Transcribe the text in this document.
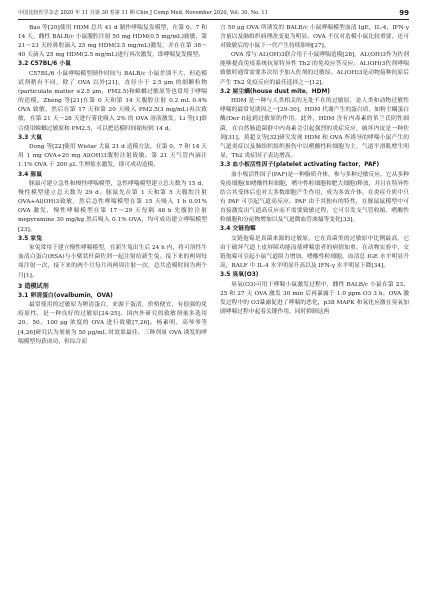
中国比较医学杂志 2020 年 11 月第 30 卷第 11 期 Chin J Comp Med, November 2020, Vol. 30, No. 11	99

Bao 等[20]使用 HDM 总共 41 d 制作哮喘复发模型，在第 0、7 和 14 天，雌性 BALB/c 小鼠腹腔注射 50 mg HDM(0.5 mg/mL)致敏，第 21～23 天经鼻腔滴入 25 mg HDM(2.5 mg/mL)激发，并在在第 38～40 天滴入 25 mg HDM(2.5 mg/mL)进行再次激发，即哮喘复发模型。

3.2 C57BL/6 小鼠

C57BL/6 小鼠哮喘模型制作时间与 BALB/c 小鼠差别不大，但造模试剂稍有不同，除了 OVA 以外[21]，直径小于 2.5 μm 的细颗粒物(particulate matter ≤2.5 μm，PM2.5)和蟑螂过敏原等也常用于哮喘的造模。Zheng 等[21]在第 0 天和第 14 天腹腔注射 0.2 mL 0.4% OVA 致敏，然后在第 17 天和第 20 天吸入 PM2.5(3 mg/mL)再次致敏，在第 21 天～28 天进行雾化吸入 2% 的 OVA 溶液激发。Li 等[1]联合使用蟑螂过敏原和 PM2.5，可以把造模时间缩短到 14 d。

3.3 大鼠

Dong 等[22]使用 Wistar 大鼠 21 d 造模方法，在第 0、7 和 14 天用 1 mg OVA+20 mg Al(OH)3腹腔注射致敏。第 21 天气管内滴注 1.1% OVA 于 200 μL 生理盐水激发，即可成功造模。

3.4 豚鼠

豚鼠可建立急性和慢性哮喘模型，急性哮喘模型建立总天数为 15 d，慢性模型建立总天数为 29 d。豚鼠先在第 1 天和第 5 天腹腔注射 OVA+Al(OH)3致敏，然后急性哮喘模型在第 15 天吸入 1 h 0.01% OVA 激发，慢性哮喘模型在第 17～29 天每隔 48 h 先腹腔注射 mepyramine 30 mg/kg 然后吸入 0.1% OVA，均可成功建立哮喘模型[23]。

3.5 家兔

家兔常用于建立慢性哮喘模型，在新生兔出生后 24 h 内，将可溶性牛血清白蛋白(RSA)与小檗状杆菌佐剂一起注射给新生兔。接下来的两周每周注射一次，接下来的两个月每月再两周注射一次，总共造模时间为两个月[1]。

3 造模试剂

3.1 卵清蛋白(ovalbumin，OVA)

最常使用的过敏原为卵清蛋白，来源于蛋清，价格便宜，有很强的免疫原性，是一种良好的过敏原[24-25]。国内外研究的致敏剂量多选用 20、50、100 μg 浓度的 OVA 进行致敏[7,26]。杨素明、高琴琴等[4,26]研究认为剂量为 50 μg/mL 时效果最佳。三种剂量 OVA 诱发的哮喘模型均获成功，但综合而

言 50 μg OVA 所诱发的 BALB/c 小鼠哮喘模型血清 IgE、IL-4、IFN-γ 含量以及肺组织病理改变更为明显。OVA 不仅对造模小鼠比较重要，还可对致敏后的小鼠下一代产生持续影响[27]。

OVA 常与 AL(OH)3联合用于小鼠哮喘造模[28]，AL(OH)3作为佐剂能够提高免疫系统抗原特异性 Th2 的免疫应答反应。AL(OH)3佐剂哮喘致敏时通常需要多次给予加入佐剂的过敏原。AL(OH)3是动物接种抗原后产生 Th2 免疫反应的最佳选择之一[12]。

3.2 屋尘螨(house dust mite，HDM)

HDM 是一种与人类相关的无处不在的过敏原，是人类和动物过敏性哮喘的最常见诱因之一[29-30]。HDM 代谢产生的蛋白质，如粉尘螨蛋白酶(Der f)起到过敏原的作用。此外，HDM 含有内毒素的革兰氏阴性细菌，在自然肠道菌群中内毒素会引起强烈的炎症反应，破坏内皮是一种佐剂[31]。黄超文等[32]研究发现 HDM 和 OVA 所诱导的哮喘小鼠产生的气道炎症以及肺组织组织损伤中以嗜酸性粒细胞为主，气道平滑肌增生明显，Th2 炎症因子表达增高。

3.3 血小板活性因子(platelet activating factor，PAF)

血小板活性因子(PAF)是一种脂质介体，参与多种过敏反应。它从多种免疫细胞(如嗜酸性粒细胞，嗜中性粒细胞和肥大细胞)释放，并且在特异性结合其受体后也对大多数细胞产生作用，成为多效介体。在炎症介质中只有 PAF 可引起气道高反应。PAF 由于其独有的特性，在豚鼠鼠模型中可直接激发出气道高反应而不需要致敏过程，它可引发支气管收缩、嗜酸性粒细胞和分泌物增加以及气道微血管渗漏等变化[33]。

3.4 交链孢霉

交链孢霉是真菌来源的过敏原，它在真菌类的过敏原中比例最高，它由于破坏气道上皮屏障功能而使哮喘患者的病情加重。在动物实验中，交链孢霉可引起小鼠气道阻力增加，嗜酸性粒细胞、血清总 IGE 水平明显升高，BALF 中 IL-4 水平明显升高以及 IFN-γ 水平明显下降[34]。

3.5 臭氧(O3)

臭氧(O3)可用于哮喘小鼠激发过程中，雌性 BALB/c 小鼠在第 23、25 和 27 天 OVA 激发 30 min 后再暴露于 1.0 ppm O3 3 h。OVA 激发过程中的 O3暴露促进了哮喘的恶化，p38 MAPK 和氧化应激在臭氧加剧哮喘过程中起着关键作用，同时抑制这两
